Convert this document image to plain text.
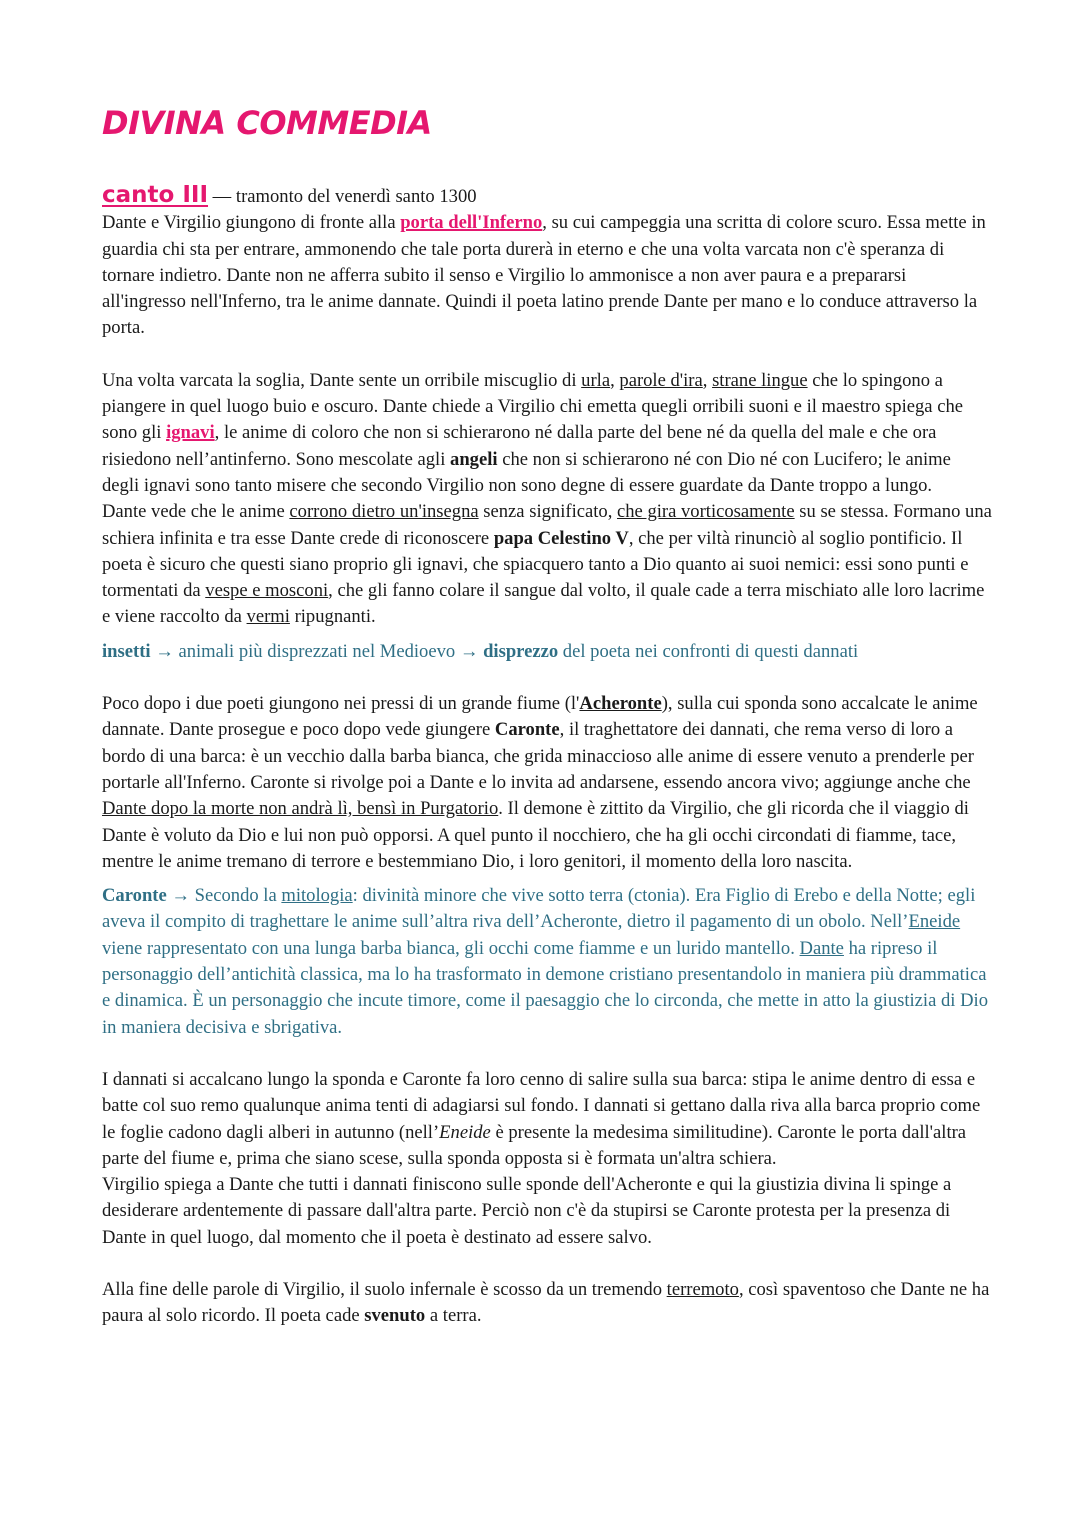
DIVINA COMMEDIA

canto III — tramonto del venerdì santo 1300

Dante e Virgilio giungono di fronte alla porta dell'Inferno, su cui campeggia una scritta di colore scuro. Essa mette in guardia chi sta per entrare, ammonendo che tale porta durerà in eterno e che una volta varcata non c'è speranza di tornare indietro. Dante non ne afferra subito il senso e Virgilio lo ammonisce a non aver paura e a prepararsi all'ingresso nell'Inferno, tra le anime dannate. Quindi il poeta latino prende Dante per mano e lo conduce attraverso la porta.

Una volta varcata la soglia, Dante sente un orribile miscuglio di urla, parole d'ira, strane lingue che lo spingono a piangere in quel luogo buio e oscuro. Dante chiede a Virgilio chi emetta quegli orribili suoni e il maestro spiega che sono gli ignavi, le anime di coloro che non si schierarono né dalla parte del bene né da quella del male e che ora risiedono nell’antinferno. Sono mescolate agli angeli che non si schierarono né con Dio né con Lucifero; le anime degli ignavi sono tanto misere che secondo Virgilio non sono degne di essere guardate da Dante troppo a lungo.

Dante vede che le anime corrono dietro un'insegna senza significato, che gira vorticosamente su se stessa. Formano una schiera infinita e tra esse Dante crede di riconoscere papa Celestino V, che per viltà rinunciò al soglio pontificio. Il poeta è sicuro che questi siano proprio gli ignavi, che spiacquero tanto a Dio quanto ai suoi nemici: essi sono punti e tormentati da vespe e mosconi, che gli fanno colare il sangue dal volto, il quale cade a terra mischiato alle loro lacrime e viene raccolto da vermi ripugnanti.

insetti → animali più disprezzati nel Medioevo → disprezzo del poeta nei confronti di questi dannati

Poco dopo i due poeti giungono nei pressi di un grande fiume (l'Acheronte), sulla cui sponda sono accalcate le anime dannate. Dante prosegue e poco dopo vede giungere Caronte, il traghettatore dei dannati, che rema verso di loro a bordo di una barca: è un vecchio dalla barba bianca, che grida minaccioso alle anime di essere venuto a prenderle per portarle all'Inferno. Caronte si rivolge poi a Dante e lo invita ad andarsene, essendo ancora vivo; aggiunge anche che Dante dopo la morte non andrà lì, bensì in Purgatorio. Il demone è zittito da Virgilio, che gli ricorda che il viaggio di Dante è voluto da Dio e lui non può opporsi. A quel punto il nocchiero, che ha gli occhi circondati di fiamme, tace, mentre le anime tremano di terrore e bestemmiano Dio, i loro genitori, il momento della loro nascita.

Caronte → Secondo la mitologia: divinità minore che vive sotto terra (ctonia). Era Figlio di Erebo e della Notte; egli aveva il compito di traghettare le anime sull’altra riva dell’Acheronte, dietro il pagamento di un obolo. Nell’Eneide viene rappresentato con una lunga barba bianca, gli occhi come fiamme e un lurido mantello. Dante ha ripreso il personaggio dell’antichità classica, ma lo ha trasformato in demone cristiano presentandolo in maniera più drammatica e dinamica. È un personaggio che incute timore, come il paesaggio che lo circonda, che mette in atto la giustizia di Dio in maniera decisiva e sbrigativa.

I dannati si accalcano lungo la sponda e Caronte fa loro cenno di salire sulla sua barca: stipa le anime dentro di essa e batte col suo remo qualunque anima tenti di adagiarsi sul fondo. I dannati si gettano dalla riva alla barca proprio come le foglie cadono dagli alberi in autunno (nell’Eneide è presente la medesima similitudine). Caronte le porta dall'altra parte del fiume e, prima che siano scese, sulla sponda opposta si è formata un'altra schiera.

Virgilio spiega a Dante che tutti i dannati finiscono sulle sponde dell'Acheronte e qui la giustizia divina li spinge a desiderare ardentemente di passare dall'altra parte. Perciò non c'è da stupirsi se Caronte protesta per la presenza di Dante in quel luogo, dal momento che il poeta è destinato ad essere salvo.

Alla fine delle parole di Virgilio, il suolo infernale è scosso da un tremendo terremoto, così spaventoso che Dante ne ha paura al solo ricordo. Il poeta cade svenuto a terra.
